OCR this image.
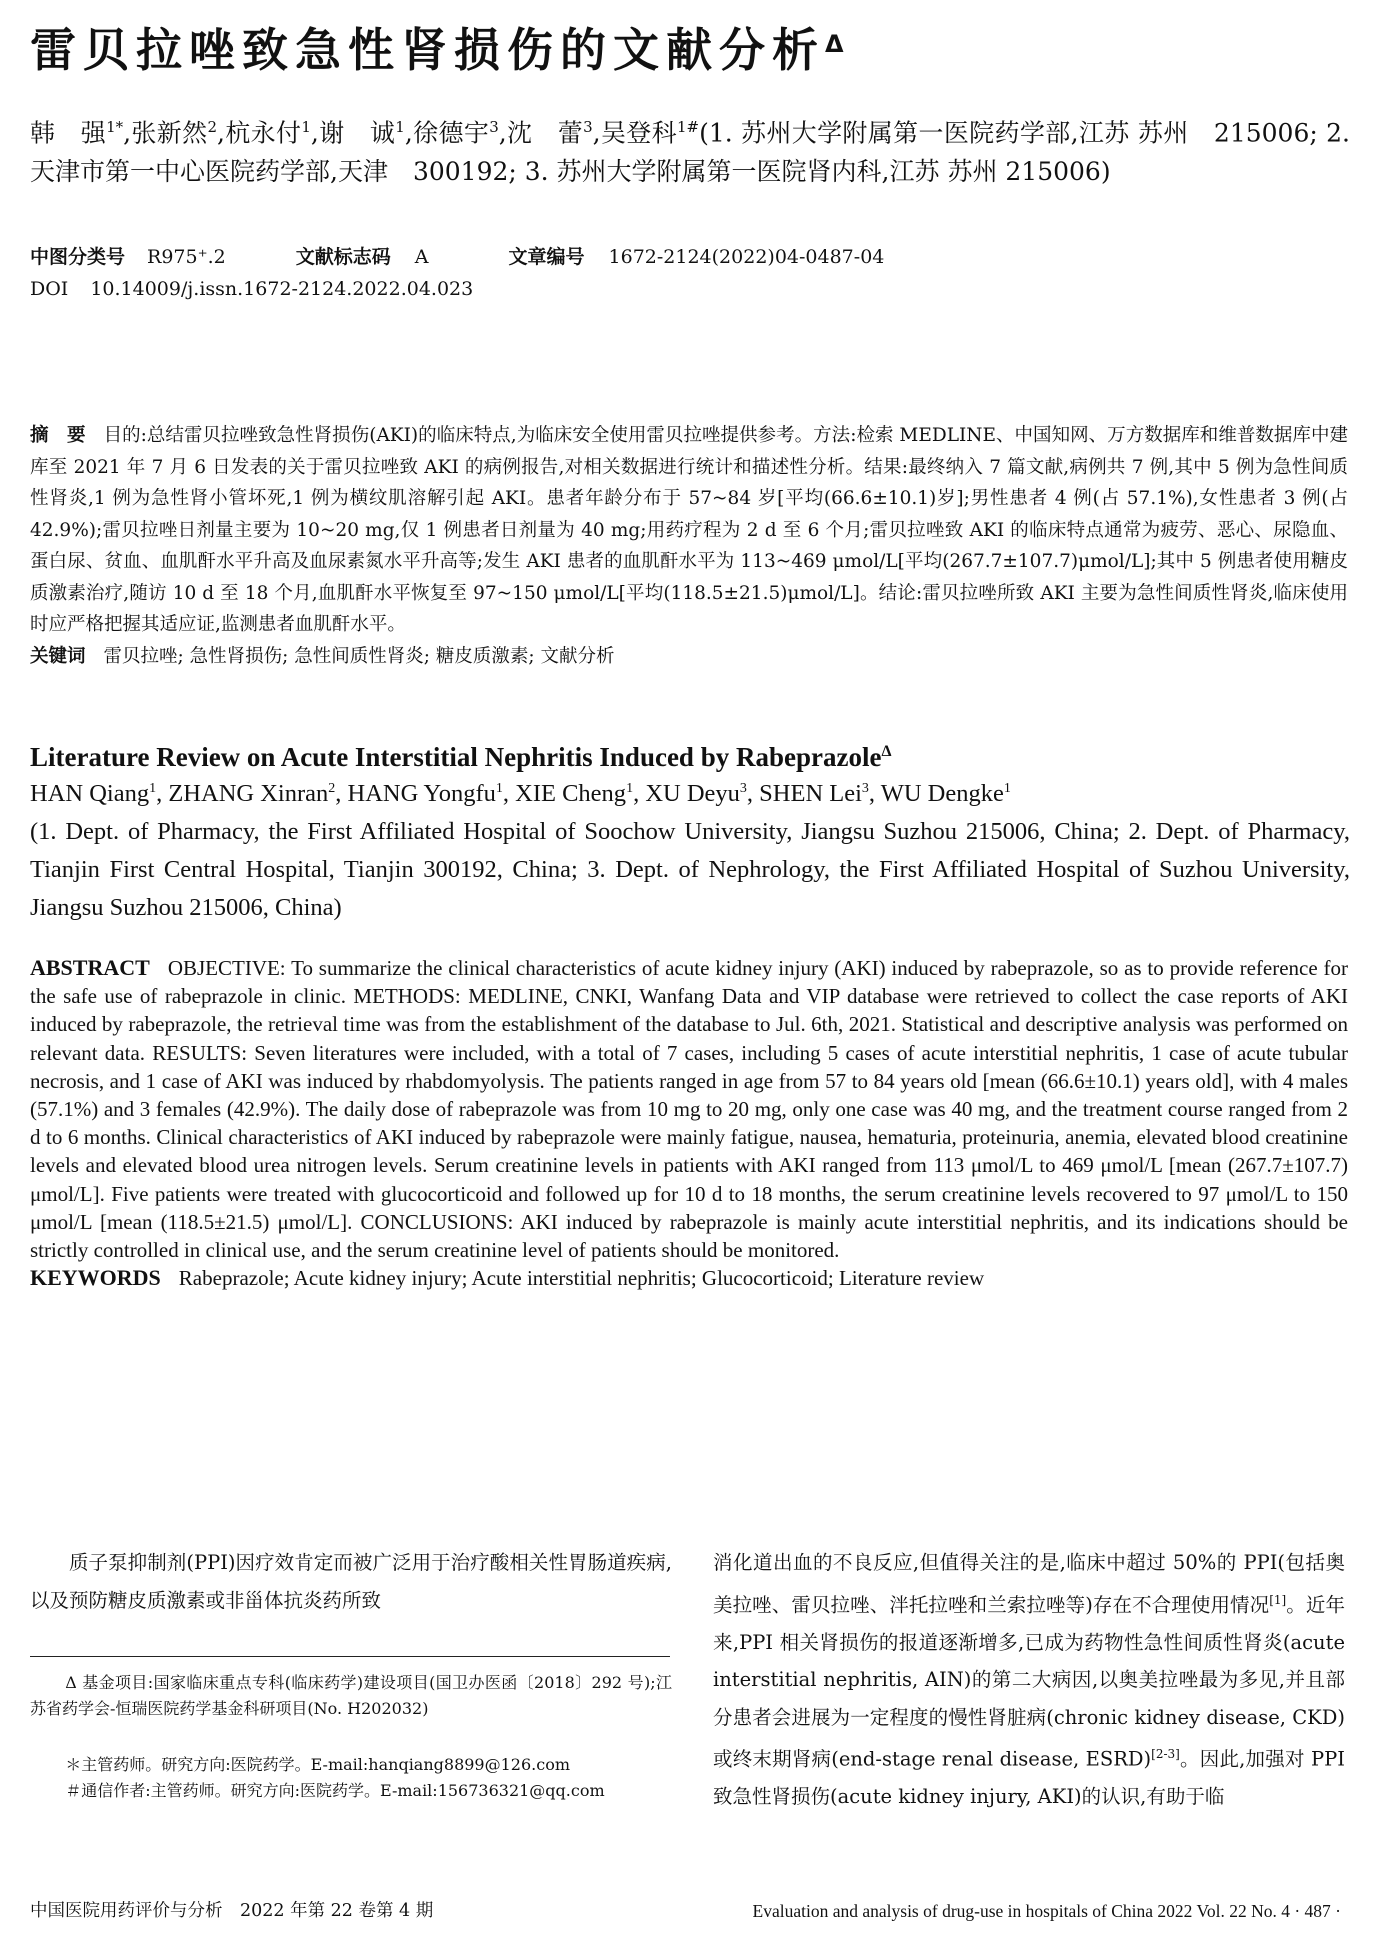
雷贝拉唑致急性肾损伤的文献分析$^\Delta$
韩　强$^{1*}$,张新然$^2$,杭永付$^1$,谢　诚$^1$,徐德宇$^3$,沈　蕾$^3$,吴登科$^{1\#}$(1. 苏州大学附属第一医院药学部,江苏 苏州　215006; 2. 天津市第一中心医院药学部,天津　300192; 3. 苏州大学附属第一医院肾内科,江苏 苏州 215006)
中图分类号 R975⁺.2	文献标志码 A	文章编号 1672-2124(2022)04-0487-04
DOI 10.14009/j.issn.1672-2124.2022.04.023
摘　要 目的:总结雷贝拉唑致急性肾损伤(AKI)的临床特点,为临床安全使用雷贝拉唑提供参考。方法:检索 MEDLINE、中国知网、万方数据库和维普数据库中建库至 2021 年 7 月 6 日发表的关于雷贝拉唑致 AKI 的病例报告,对相关数据进行统计和描述性分析。结果:最终纳入 7 篇文献,病例共 7 例,其中 5 例为急性间质性肾炎,1 例为急性肾小管坏死,1 例为横纹肌溶解引起 AKI。患者年龄分布于 57~84 岁[平均(66.6±10.1)岁];男性患者 4 例(占 57.1%),女性患者 3 例(占 42.9%);雷贝拉唑日剂量主要为 10~20 mg,仅 1 例患者日剂量为 40 mg;用药疗程为 2 d 至 6 个月;雷贝拉唑致 AKI 的临床特点通常为疲劳、恶心、尿隐血、蛋白尿、贫血、血肌酐水平升高及血尿素氮水平升高等;发生 AKI 患者的血肌酐水平为 113~469 μmol/L[平均(267.7±107.7)μmol/L];其中 5 例患者使用糖皮质激素治疗,随访 10 d 至 18 个月,血肌酐水平恢复至 97~150 μmol/L[平均(118.5±21.5)μmol/L]。结论:雷贝拉唑所致 AKI 主要为急性间质性肾炎,临床使用时应严格把握其适应证,监测患者血肌酐水平。
关键词 雷贝拉唑; 急性肾损伤; 急性间质性肾炎; 糖皮质激素; 文献分析
Literature Review on Acute Interstitial Nephritis Induced by Rabeprazole$^\Delta$
HAN Qiang$^1$, ZHANG Xinran$^2$, HANG Yongfu$^1$, XIE Cheng$^1$, XU Deyu$^3$, SHEN Lei$^3$, WU Dengke$^1$
(1. Dept. of Pharmacy, the First Affiliated Hospital of Soochow University, Jiangsu Suzhou 215006, China; 2. Dept. of Pharmacy, Tianjin First Central Hospital, Tianjin 300192, China; 3. Dept. of Nephrology, the First Affiliated Hospital of Suzhou University, Jiangsu Suzhou 215006, China)
ABSTRACT OBJECTIVE: To summarize the clinical characteristics of acute kidney injury (AKI) induced by rabeprazole, so as to provide reference for the safe use of rabeprazole in clinic. METHODS: MEDLINE, CNKI, Wanfang Data and VIP database were retrieved to collect the case reports of AKI induced by rabeprazole, the retrieval time was from the establishment of the database to Jul. 6th, 2021. Statistical and descriptive analysis was performed on relevant data. RESULTS: Seven literatures were included, with a total of 7 cases, including 5 cases of acute interstitial nephritis, 1 case of acute tubular necrosis, and 1 case of AKI was induced by rhabdomyolysis. The patients ranged in age from 57 to 84 years old [mean (66.6±10.1) years old], with 4 males (57.1%) and 3 females (42.9%). The daily dose of rabeprazole was from 10 mg to 20 mg, only one case was 40 mg, and the treatment course ranged from 2 d to 6 months. Clinical characteristics of AKI induced by rabeprazole were mainly fatigue, nausea, hematuria, proteinuria, anemia, elevated blood creatinine levels and elevated blood urea nitrogen levels. Serum creatinine levels in patients with AKI ranged from 113 μmol/L to 469 μmol/L [mean (267.7±107.7) μmol/L]. Five patients were treated with glucocorticoid and followed up for 10 d to 18 months, the serum creatinine levels recovered to 97 μmol/L to 150 μmol/L [mean (118.5±21.5) μmol/L]. CONCLUSIONS: AKI induced by rabeprazole is mainly acute interstitial nephritis, and its indications should be strictly controlled in clinical use, and the serum creatinine level of patients should be monitored.
KEYWORDS Rabeprazole; Acute kidney injury; Acute interstitial nephritis; Glucocorticoid; Literature review
质子泵抑制剂(PPI)因疗效肯定而被广泛用于治疗酸相关性胃肠道疾病,以及预防糖皮质激素或非甾体抗炎药所致
消化道出血的不良反应,但值得关注的是,临床中超过 50%的 PPI(包括奥美拉唑、雷贝拉唑、泮托拉唑和兰索拉唑等)存在不合理使用情况[1]。近年来,PPI 相关肾损伤的报道逐渐增多,已成为药物性急性间质性肾炎(acute interstitial nephritis, AIN)的第二大病因,以奥美拉唑最为多见,并且部分患者会进展为一定程度的慢性肾脏病(chronic kidney disease, CKD)或终末期肾病(end-stage renal disease, ESRD)[2-3]。因此,加强对 PPI 致急性肾损伤(acute kidney injury, AKI)的认识,有助于临
Δ 基金项目:国家临床重点专科(临床药学)建设项目(国卫办医函〔2018〕292 号);江苏省药学会-恒瑞医院药学基金科研项目(No. H202032)
＊主管药师。研究方向:医院药学。E-mail:hanqiang8899@126.com
＃通信作者:主管药师。研究方向:医院药学。E-mail:156736321@qq.com
中国医院用药评价与分析　2022 年第 22 卷第 4 期	Evaluation and analysis of drug-use in hospitals of China 2022 Vol. 22 No. 4 · 487 ·
